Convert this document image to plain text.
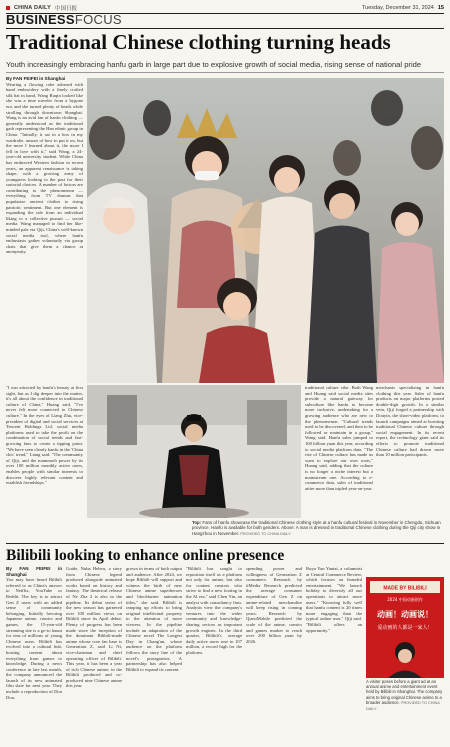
CHINA DAILY 中国日报	Tuesday, December 31, 2024 15
BUSINESSFOCUS
Traditional Chinese clothing turning heads

Youth increasingly embracing hanfu garb in large part due to explosive growth of social media, rising sense of national pride

By FAN FEIFEI in Shanghai
Wearing a flowing robe adorned with hand embroidery with a finely crafted silk hat in hand, Wang Ruqin looked like she was a time traveler from a bygone era, and she turned plenty of heads while strolling through downtown Shanghai. Wang is an avid fan of hanfu clothing — generally understood as the traditional garb representing the Han ethnic group in China. "Initially, it sat in a box in my wardrobe, unsure of how to put it on, but the more I learned about it, the more I fell in love with it," said Wang, a 24-year-old university student. While China has embraced Western fashion in recent years, an apparent renaissance is taking shape, with a growing army of youngsters looking to the past for their sartorial choices. A number of factors are contributing to the phenomenon — everything from TV dramas that popularize ancient clothes to rising patriotic sentiment. But one element is expanding the tale from an individual liking to a collective pursuit — social media. Wang managed to find her like-minded pals via Qiji, China's well-known social media tool, where hanfu enthusiasts gather voluntarily via group chats that give them a chance at anonymity.
"I was attracted by hanfu's beauty at first sight, but as I dig deeper into the matter, it's all about the confidence in traditional culture of China," Huang said. "I've never felt more connected to Chinese culture." In the eyes of Liang Zhu, vice-president of digital and social services at Tencent Holdings Ltd, social media platforms used to take the profit on the combination of social trends and fast-growing fans to create a tipping point. "We have seen clearly hanfu in the 'China chic' trend," Liang said. "The community of Qiji, and the mammoth power by its over 100 million monthly active users, enables people with similar interests to discover highly relevant content and establish friendships."
traditional culture vibe. Both Wang and Huang said social media sites provide a natural gateway for subculture like hanfu to become more inclusive, undertaking for a growing audience who are new to the phenomenon. "Cultural trends used to be discovered, and then to be followed or maintain in a group," Wang said. Hanfu sales jumped to 100 billion yuan this year, according to social media platform data. "The rise of Chinese culture has made us want to explore our own roots," Huang said, adding that the culture is no longer a niche interest but a mainstream one. According to e-commerce data, sales of traditional attire more than tripled year-on-year.
merchants specializing in hanfu clothing this year. Sales of hanfu products on major platforms posted double-digit growth. In a similar vein, Qiji forged a partnership with Douyin, the short-video platform, to launch campaigns aimed at boosting traditional Chinese culture through social engagement. In its recent report, the technology giant said its efforts to promote traditional Chinese culture had drawn more than 10 million participants.
Top: Fans of hanfu showcase the traditional Chinese clothing style at a hanfu cultural festival in November in Chengdu, Sichuan province. Hanfu is available for both genders. Above: A man is dressed in traditional Chinese clothing during the Qiji city show in Hangzhou in November. PROVIDED TO CHINA DAILY
Bilibili looking to enhance online presence
By FAN FEIFEI in Shanghai
You may have heard Bilibili referred to as China's answer to Netflix, YouTube or Reddit. The key is to attract Gen Z users with an added sense of community belonging. Initially favoring Japanese anime, comics and games, the 15-year-old streaming site is a go-to haunt for tens of millions of young Chinese users. Bilibili has evolved into a cultural hub, hosting content about everything from games to knowledge. During a news conference in late last month, the company announced the launch of its new animated film slate for next year. They include a reproduction of Dou Dou.
Guide, Nuba Heleru, a story from Chinese legend produced alongside animated works based on history and fantasy. The theatrical release of Ne Zha 2 is also in the pipeline. Its debut series of the new season has garnered over 100 million views on Bilibili since its April debut. Plenty of progress has been made since the inception of the dominant Bilibili-made anime whose core fan base is Generation Z, said Li Ni, vice-chairman and chief operating officer of Bilibili. This year, it has been a year of rich Chinese anime; in the Bilibili produced and co-produced nine Chinese anime this year.
grown in terms of both output and audience. After 2024, we hope Bilibili will support and witness the birth of new Chinese anime superheroes and blockbuster animation titles," she said. Bilibili is ramping up efforts to bring original intellectual property to the attention of more viewers. In the pipeline include an adaptation of the Chinese novel The Longest Day in Chang'an, whose audience on the platform follows the story line of the novel's protagonists. A partnership has also helped Bilibili to expand its content.
"Bilibili has sought to reposition itself as a platform not only for anime, but also for content creators who strive to find a new footing in the AI era," said Chen Yin, an analyst with consultancy firm. Analysts view the company's ventures into the wider community and knowledge-sharing sectors as important growth engines. In the third quarter, Bilibili's average daily active users rose to 107 million, a record high for the platform.
spending power and willingness of Generation Z consumers. Research by iiMedia Research predicted the average consumer expenditure of Gen Z on anime-related merchandise will keep rising in coming years. Research by QuestMobile predicted the scale of the anime, comics and games market to reach over 200 billion yuan by 2026.
Ruyu Yan Yantai, a columnist at Central Commerce Review, which focuses on branded entertainment. "We launch holiday to diversify all our operations to attract more users." "Knowing fully well that hanfu content is 20 times more engaging than the typical online user," Qiji said. "Bilibili offers an opportunity."
MADE BY BILIBILI
2024 中国动画创作
动画！动画说！
爱动画的人都是一家人！
A visitor poses before a giant ad at an annual anime and entertainment event held by Bilibili in Shanghai. The company aims to bring original Chinese anime to a broader audience. PROVIDED TO CHINA DAILY
